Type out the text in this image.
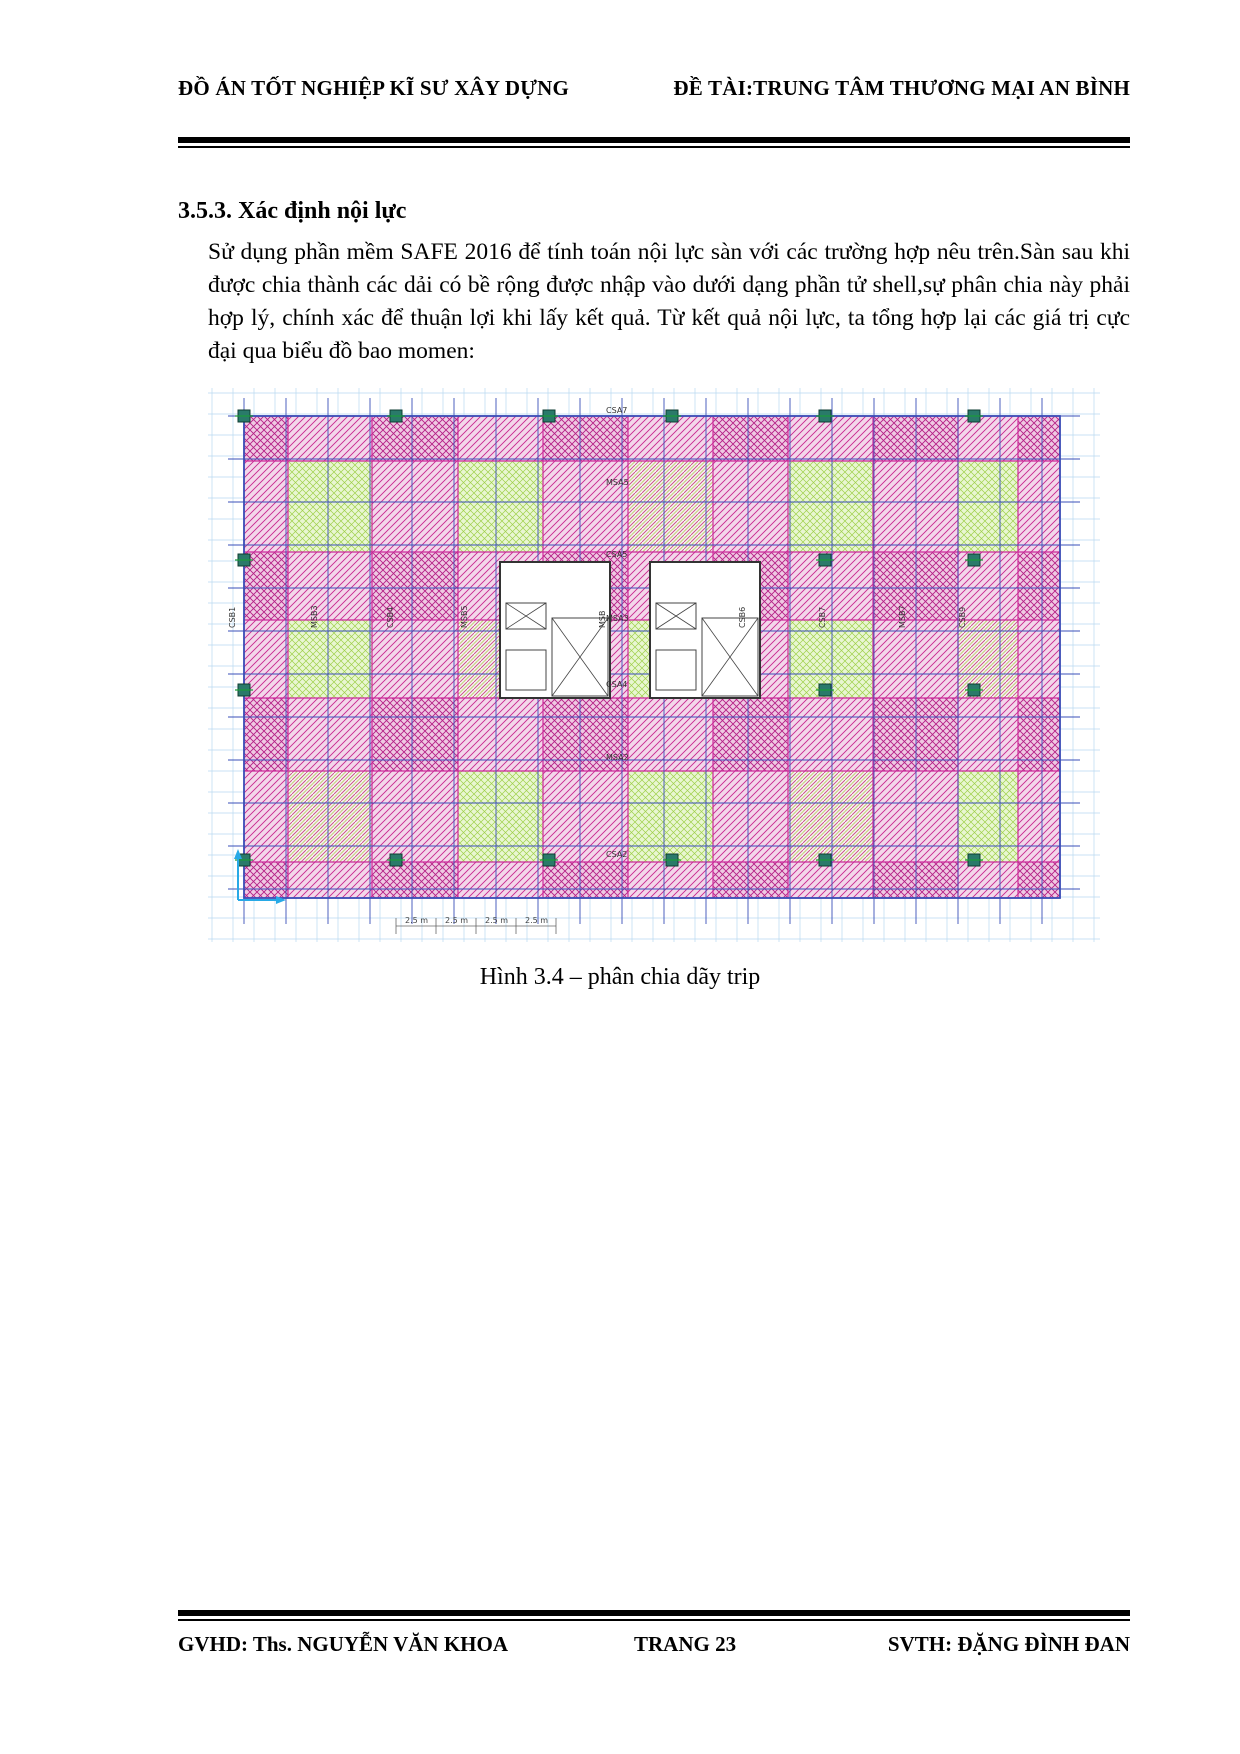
ĐỒ ÁN TỐT NGHIỆP KĨ SƯ XÂY DỰNG	ĐỀ TÀI:TRUNG TÂM THƯƠNG MẠI AN BÌNH
3.5.3. Xác định nội lực
Sử dụng phần mềm SAFE 2016 để tính toán nội lực sàn với các trường hợp nêu trên.Sàn sau khi được chia thành các dải có bề rộng được nhập vào dưới dạng phần tử shell,sự phân chia này phải hợp lý, chính xác để thuận lợi khi lấy kết quả. Từ kết quả nội lực, ta tổng hợp lại các giá trị cực đại qua biểu đồ bao momen:
CSA7
MSA5
CSA5
MSA3
CSA4
MSA2
CSA2
CSB1	MSB3	CSB4	MSB5	MSB	CSB6	CSB7	MSB7	CSB9
2.5 m 2.5 m 2.5 m 2.5 m
Hình 3.4 – phân chia dãy trip
GVHD: Ths. NGUYỄN VĂN KHOA	TRANG 23	SVTH: ĐẶNG ĐÌNH ĐAN
